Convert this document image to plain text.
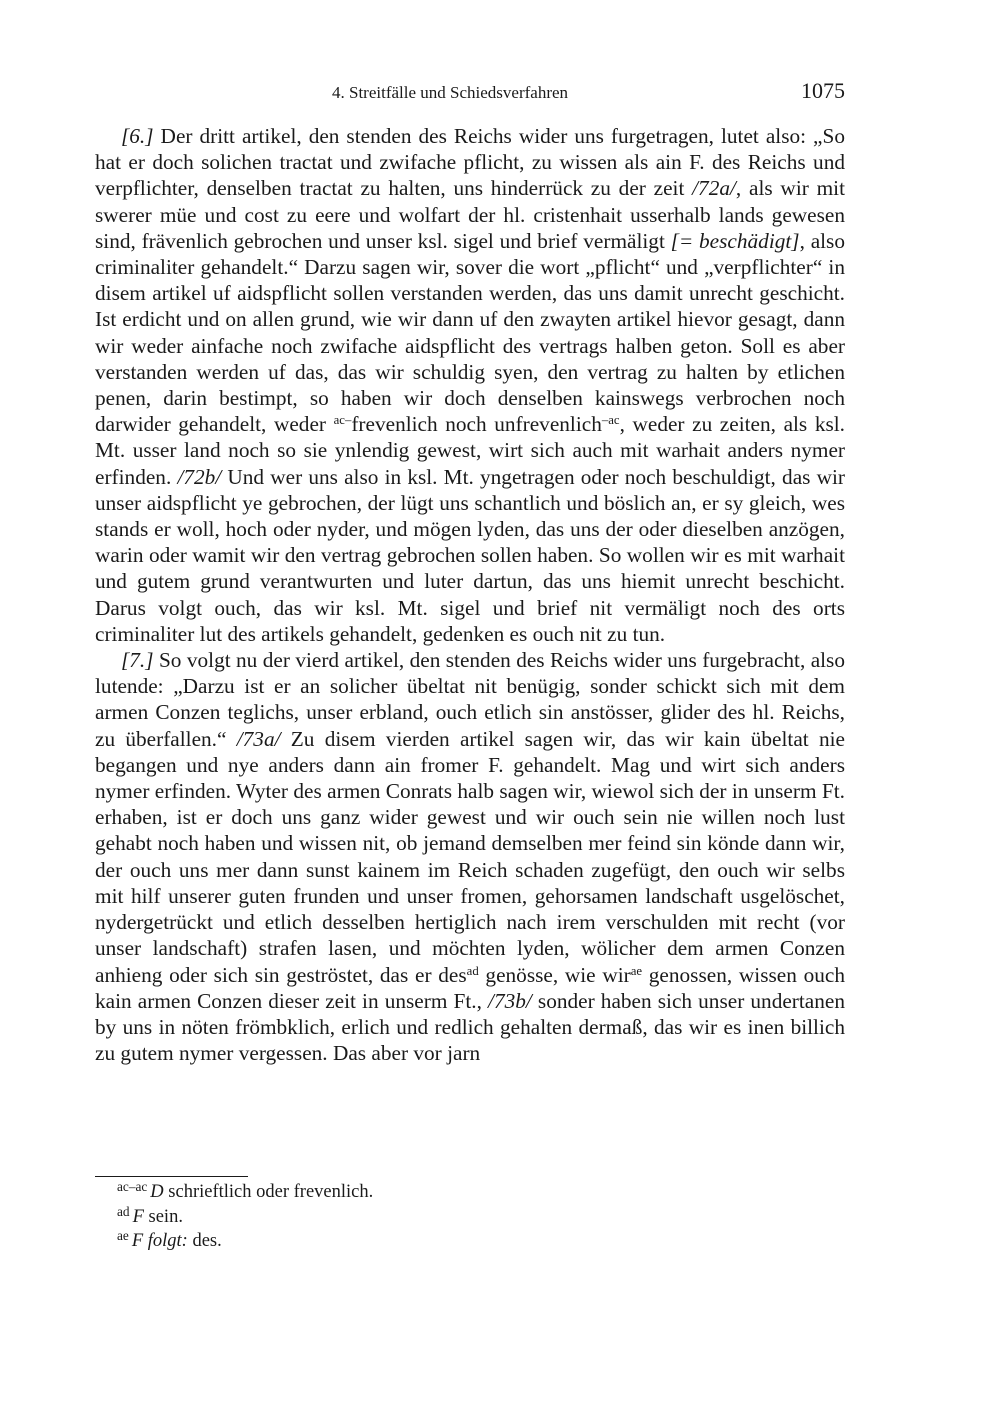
4. Streitfälle und Schiedsverfahren	1075

[6.] Der dritt artikel, den stenden des Reichs wider uns furgetragen, lutet also: „So hat er doch solichen tractat und zwifache pflicht, zu wissen als ain F. des Reichs und verpflichter, denselben tractat zu halten, uns hinderrück zu der zeit /72a/, als wir mit swerer müe und cost zu eere und wolfart der hl. cristenhait usserhalb lands gewesen sind, frävenlich gebrochen und unser ksl. sigel und brief vermäligt [= beschädigt], also criminaliter gehandelt.“ Darzu sagen wir, sover die wort „pflicht“ und „verpflichter“ in disem artikel uf aidspflicht sollen verstanden werden, das uns damit unrecht geschicht. Ist erdicht und on allen grund, wie wir dann uf den zwayten artikel hievor gesagt, dann wir weder ainfache noch zwifache aidspflicht des vertrags halben geton. Soll es aber verstanden werden uf das, das wir schuldig syen, den vertrag zu halten by etlichen penen, darin bestimpt, so haben wir doch denselben kainswegs verbrochen noch darwider gehandelt, weder $^{ac-}$frevenlich noch unfrevenlich$^{-ac}$, weder zu zeiten, als ksl. Mt. usser land noch so sie ynlendig gewest, wirt sich auch mit warhait anders nymer erfinden. /72b/ Und wer uns also in ksl. Mt. yngetragen oder noch beschuldigt, das wir unser aidspflicht ye gebrochen, der lügt uns schantlich und böslich an, er sy gleich, wes stands er woll, hoch oder nyder, und mögen lyden, das uns der oder dieselben anzögen, warin oder wamit wir den vertrag gebrochen sollen haben. So wollen wir es mit warhait und gutem grund verantwurten und luter dartun, das uns hiemit unrecht beschicht. Darus volgt ouch, das wir ksl. Mt. sigel und brief nit vermäligt noch des orts criminaliter lut des artikels gehandelt, gedenken es ouch nit zu tun.

[7.] So volgt nu der vierd artikel, den stenden des Reichs wider uns furgebracht, also lutende: „Darzu ist er an solicher übeltat nit benügig, sonder schickt sich mit dem armen Conzen teglichs, unser erbland, ouch etlich sin anstösser, glider des hl. Reichs, zu überfallen.“ /73a/ Zu disem vierden artikel sagen wir, das wir kain übeltat nie begangen und nye anders dann ain fromer F. gehandelt. Mag und wirt sich anders nymer erfinden. Wyter des armen Conrats halb sagen wir, wiewol sich der in unserm Ft. erhaben, ist er doch uns ganz wider gewest und wir ouch sein nie willen noch lust gehabt noch haben und wissen nit, ob jemand demselben mer feind sin könde dann wir, der ouch uns mer dann sunst kainem im Reich schaden zugefügt, den ouch wir selbs mit hilf unserer guten frunden und unser fromen, gehorsamen landschaft usgelöschet, nydergetrückt und etlich desselben hertiglich nach irem verschulden mit recht (vor unser landschaft) strafen lasen, und möchten lyden, wölicher dem armen Conzen anhieng oder sich sin geströstet, das er des$^{ad}$ genösse, wie wir$^{ae}$ genossen, wissen ouch kain armen Conzen dieser zeit in unserm Ft., /73b/ sonder haben sich unser undertanen by uns in nöten frömbklich, erlich und redlich gehalten dermaß, das wir es inen billich zu gutem nymer vergessen. Das aber vor jarn

$^{ac-ac}$ D schrieftlich oder frevenlich.

$^{ad}$ F sein.

$^{ae}$ F folgt: des.
